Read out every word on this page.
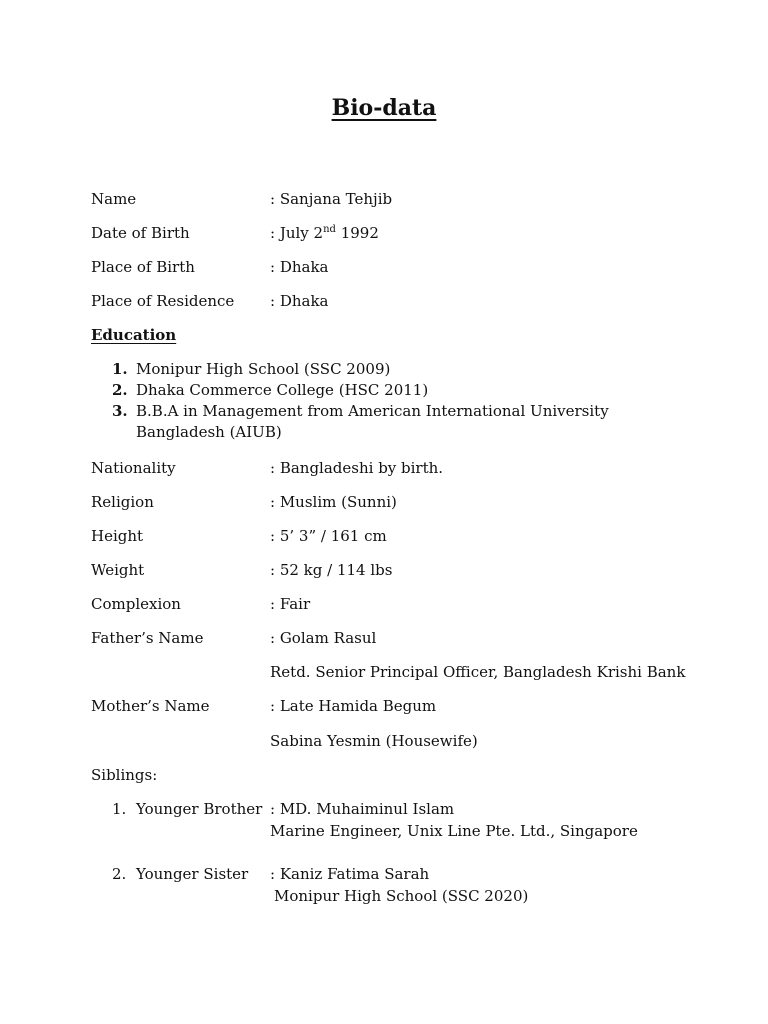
Bio-data
Name	: Sanjana Tehjib
Date of Birth	: July 2nd 1992
Place of Birth	: Dhaka
Place of Residence : Dhaka
Education
1. Monipur High School (SSC 2009)
2. Dhaka Commerce College (HSC 2011)
3. B.B.A in Management from American International University
Bangladesh (AIUB)
Nationality	: Bangladeshi by birth.
Religion	: Muslim (Sunni)
Height	: 5’ 3” / 161 cm
Weight	: 52 kg / 114 lbs
Complexion	: Fair
Father’s Name	: Golam Rasul
Retd. Senior Principal Officer, Bangladesh Krishi Bank
Mother’s Name	: Late Hamida Begum
Sabina Yesmin (Housewife)
Siblings:
1. Younger Brother : MD. Muhaiminul Islam
Marine Engineer, Unix Line Pte. Ltd., Singapore
2. Younger Sister : Kaniz Fatima Sarah
Monipur High School (SSC 2020)
